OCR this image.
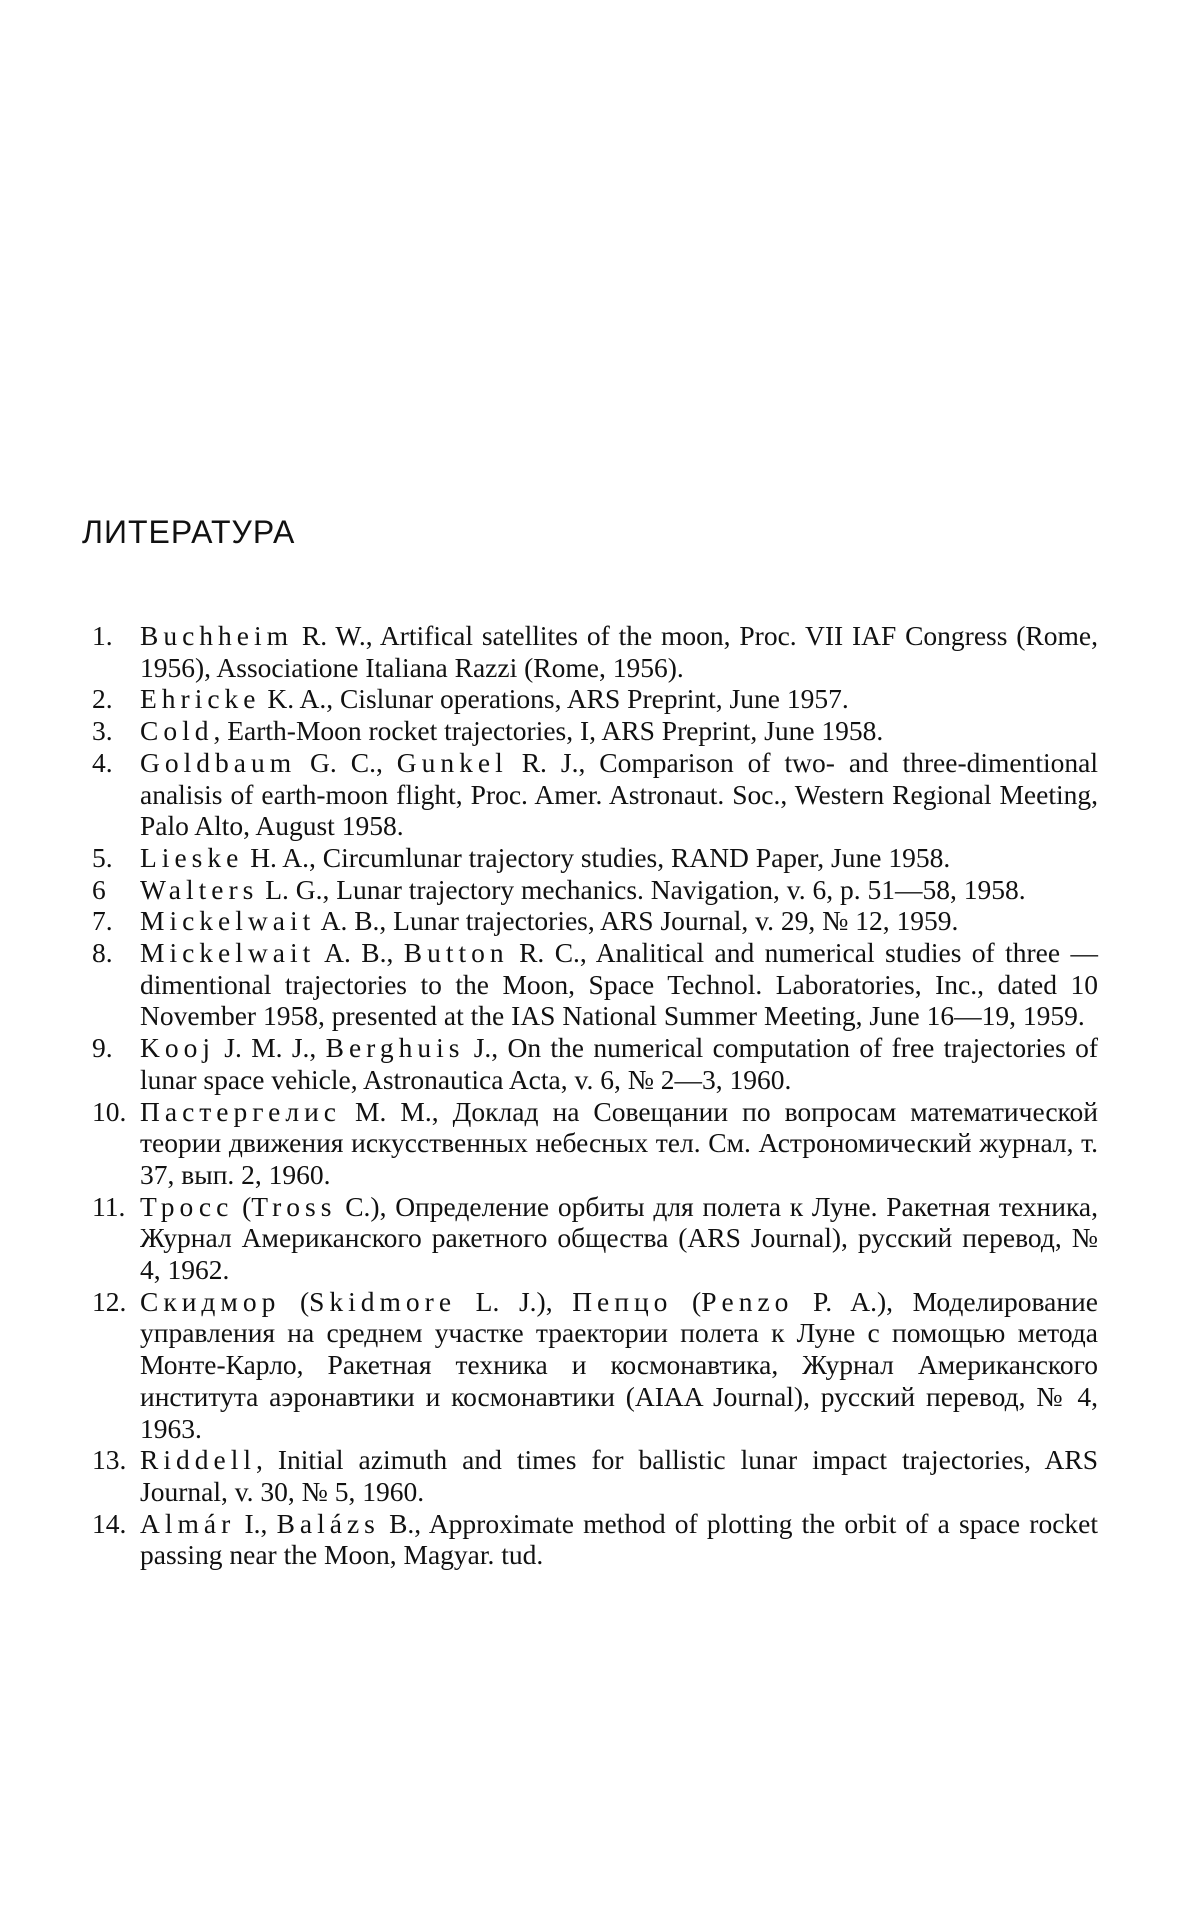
ЛИТЕРАТУРА
1. Buchheim R. W., Artifical satellites of the moon, Proc. VII IAF Congress (Rome, 1956), Associatione Italiana Razzi (Rome, 1956).
2. Ehricke K. A., Cislunar operations, ARS Preprint, June 1957.
3. Cold, Earth-Moon rocket trajectories, I, ARS Preprint, June 1958.
4. Goldbaum G. C., Gunkel R. J., Comparison of two- and three-dimentional analisis of earth-moon flight, Proc. Amer. Astronaut. Soc., Western Regional Meeting, Palo Alto, August 1958.
5. Lieske H. A., Circumlunar trajectory studies, RAND Paper, June 1958.
6	Walters L. G., Lunar trajectory mechanics. Navigation, v. 6, p. 51—58, 1958.
7. Mickelwait A. B., Lunar trajectories, ARS Journal, v. 29, № 12, 1959.
8. Mickelwait A. B., Button R. C., Analitical and numerical studies of three — dimentional trajectories to the Moon, Space Technol. Laboratories, Inc., dated 10 November 1958, presented at the IAS National Summer Meeting, June 16—19, 1959.
9. Kooj J. M. J., Berghuis J., On the numerical computation of free trajectories of lunar space vehicle, Astronautica Acta, v. 6, № 2—3, 1960.
10. Пастергелис М. М., Доклад на Совещании по вопросам математической теории движения искусственных небесных тел. См. Астрономический журнал, т. 37, вып. 2, 1960.
11. Тросс (Tross С.), Определение орбиты для полета к Луне. Ракетная техника, Журнал Американского ракетного общества (ARS Journal), русский перевод, № 4, 1962.
12. Скидмор (Skidmore L. J.), Пепцо (Penzo P. A.), Моделирование управления на среднем участке траектории полета к Луне с помощью метода Монте-Карло, Ракетная техника и космонавтика, Журнал Американского института аэронавтики и космонавтики (AIAA Journal), русский перевод, № 4, 1963.
13. Riddell, Initial azimuth and times for ballistic lunar impact trajectories, ARS Journal, v. 30, № 5, 1960.
14. Almár I., Balázs B., Approximate method of plotting the orbit of a space rocket passing near the Moon, Magyar. tud.
